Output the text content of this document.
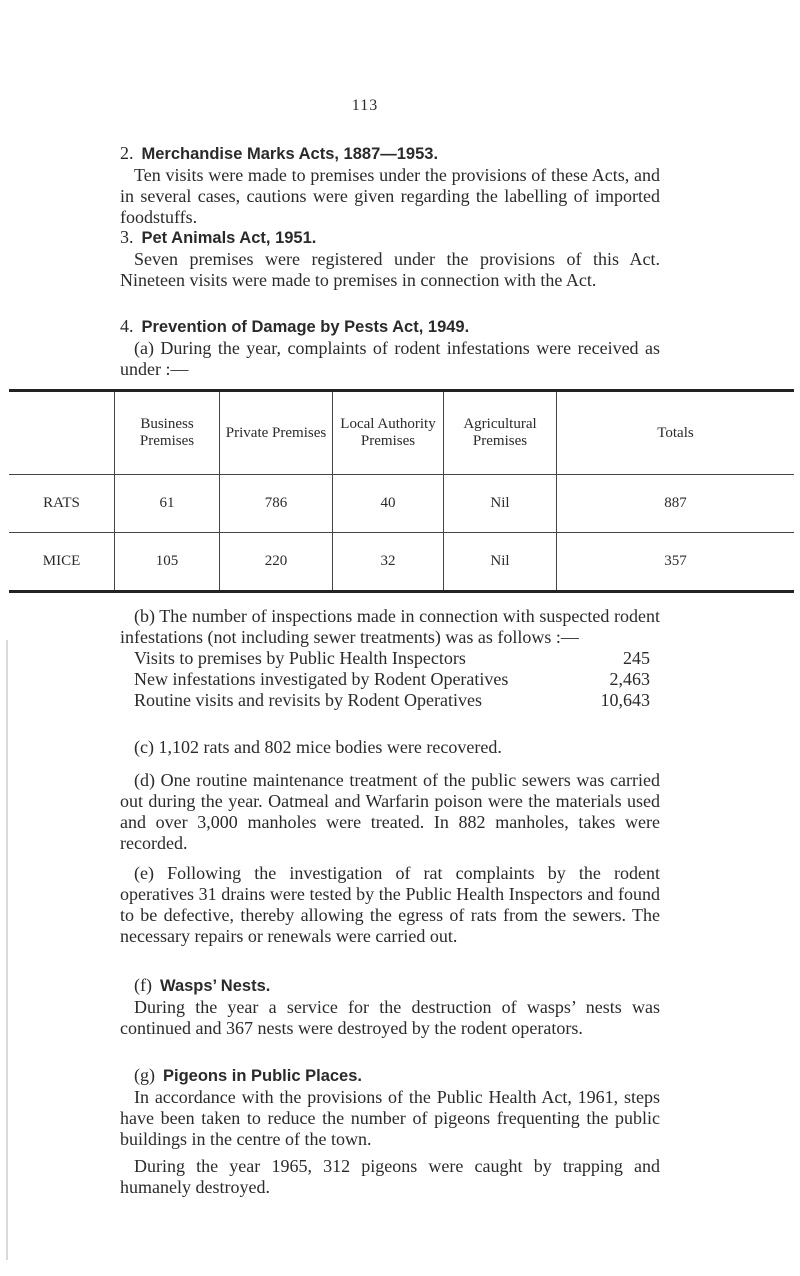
113

2. Merchandise Marks Acts, 1887—1953.

Ten visits were made to premises under the provisions of these Acts, and in several cases, cautions were given regarding the labelling of imported foodstuffs.

3. Pet Animals Act, 1951.

Seven premises were registered under the provisions of this Act. Nineteen visits were made to premises in connection with the Act.

4. Prevention of Damage by Pests Act, 1949.

(a) During the year, complaints of rodent infestations were received as under :—

	Business Premises	Private Premises	Local Authority Premises	Agricultural Premises	Totals
RATS	61	786	40	Nil	887
MICE	105	220	32	Nil	357

(b) The number of inspections made in connection with suspected rodent infestations (not including sewer treatments) was as follows :—

Visits to premises by Public Health Inspectors	245
New infestations investigated by Rodent Operatives	2,463
Routine visits and revisits by Rodent Operatives	10,643

(c) 1,102 rats and 802 mice bodies were recovered.

(d) One routine maintenance treatment of the public sewers was carried out during the year. Oatmeal and Warfarin poison were the materials used and over 3,000 manholes were treated. In 882 manholes, takes were recorded.

(e) Following the investigation of rat complaints by the rodent operatives 31 drains were tested by the Public Health Inspectors and found to be defective, thereby allowing the egress of rats from the sewers. The necessary repairs or renewals were carried out.

(f) Wasps’ Nests.

During the year a service for the destruction of wasps’ nests was continued and 367 nests were destroyed by the rodent operators.

(g) Pigeons in Public Places.

In accordance with the provisions of the Public Health Act, 1961, steps have been taken to reduce the number of pigeons frequenting the public buildings in the centre of the town.

During the year 1965, 312 pigeons were caught by trapping and humanely destroyed.
